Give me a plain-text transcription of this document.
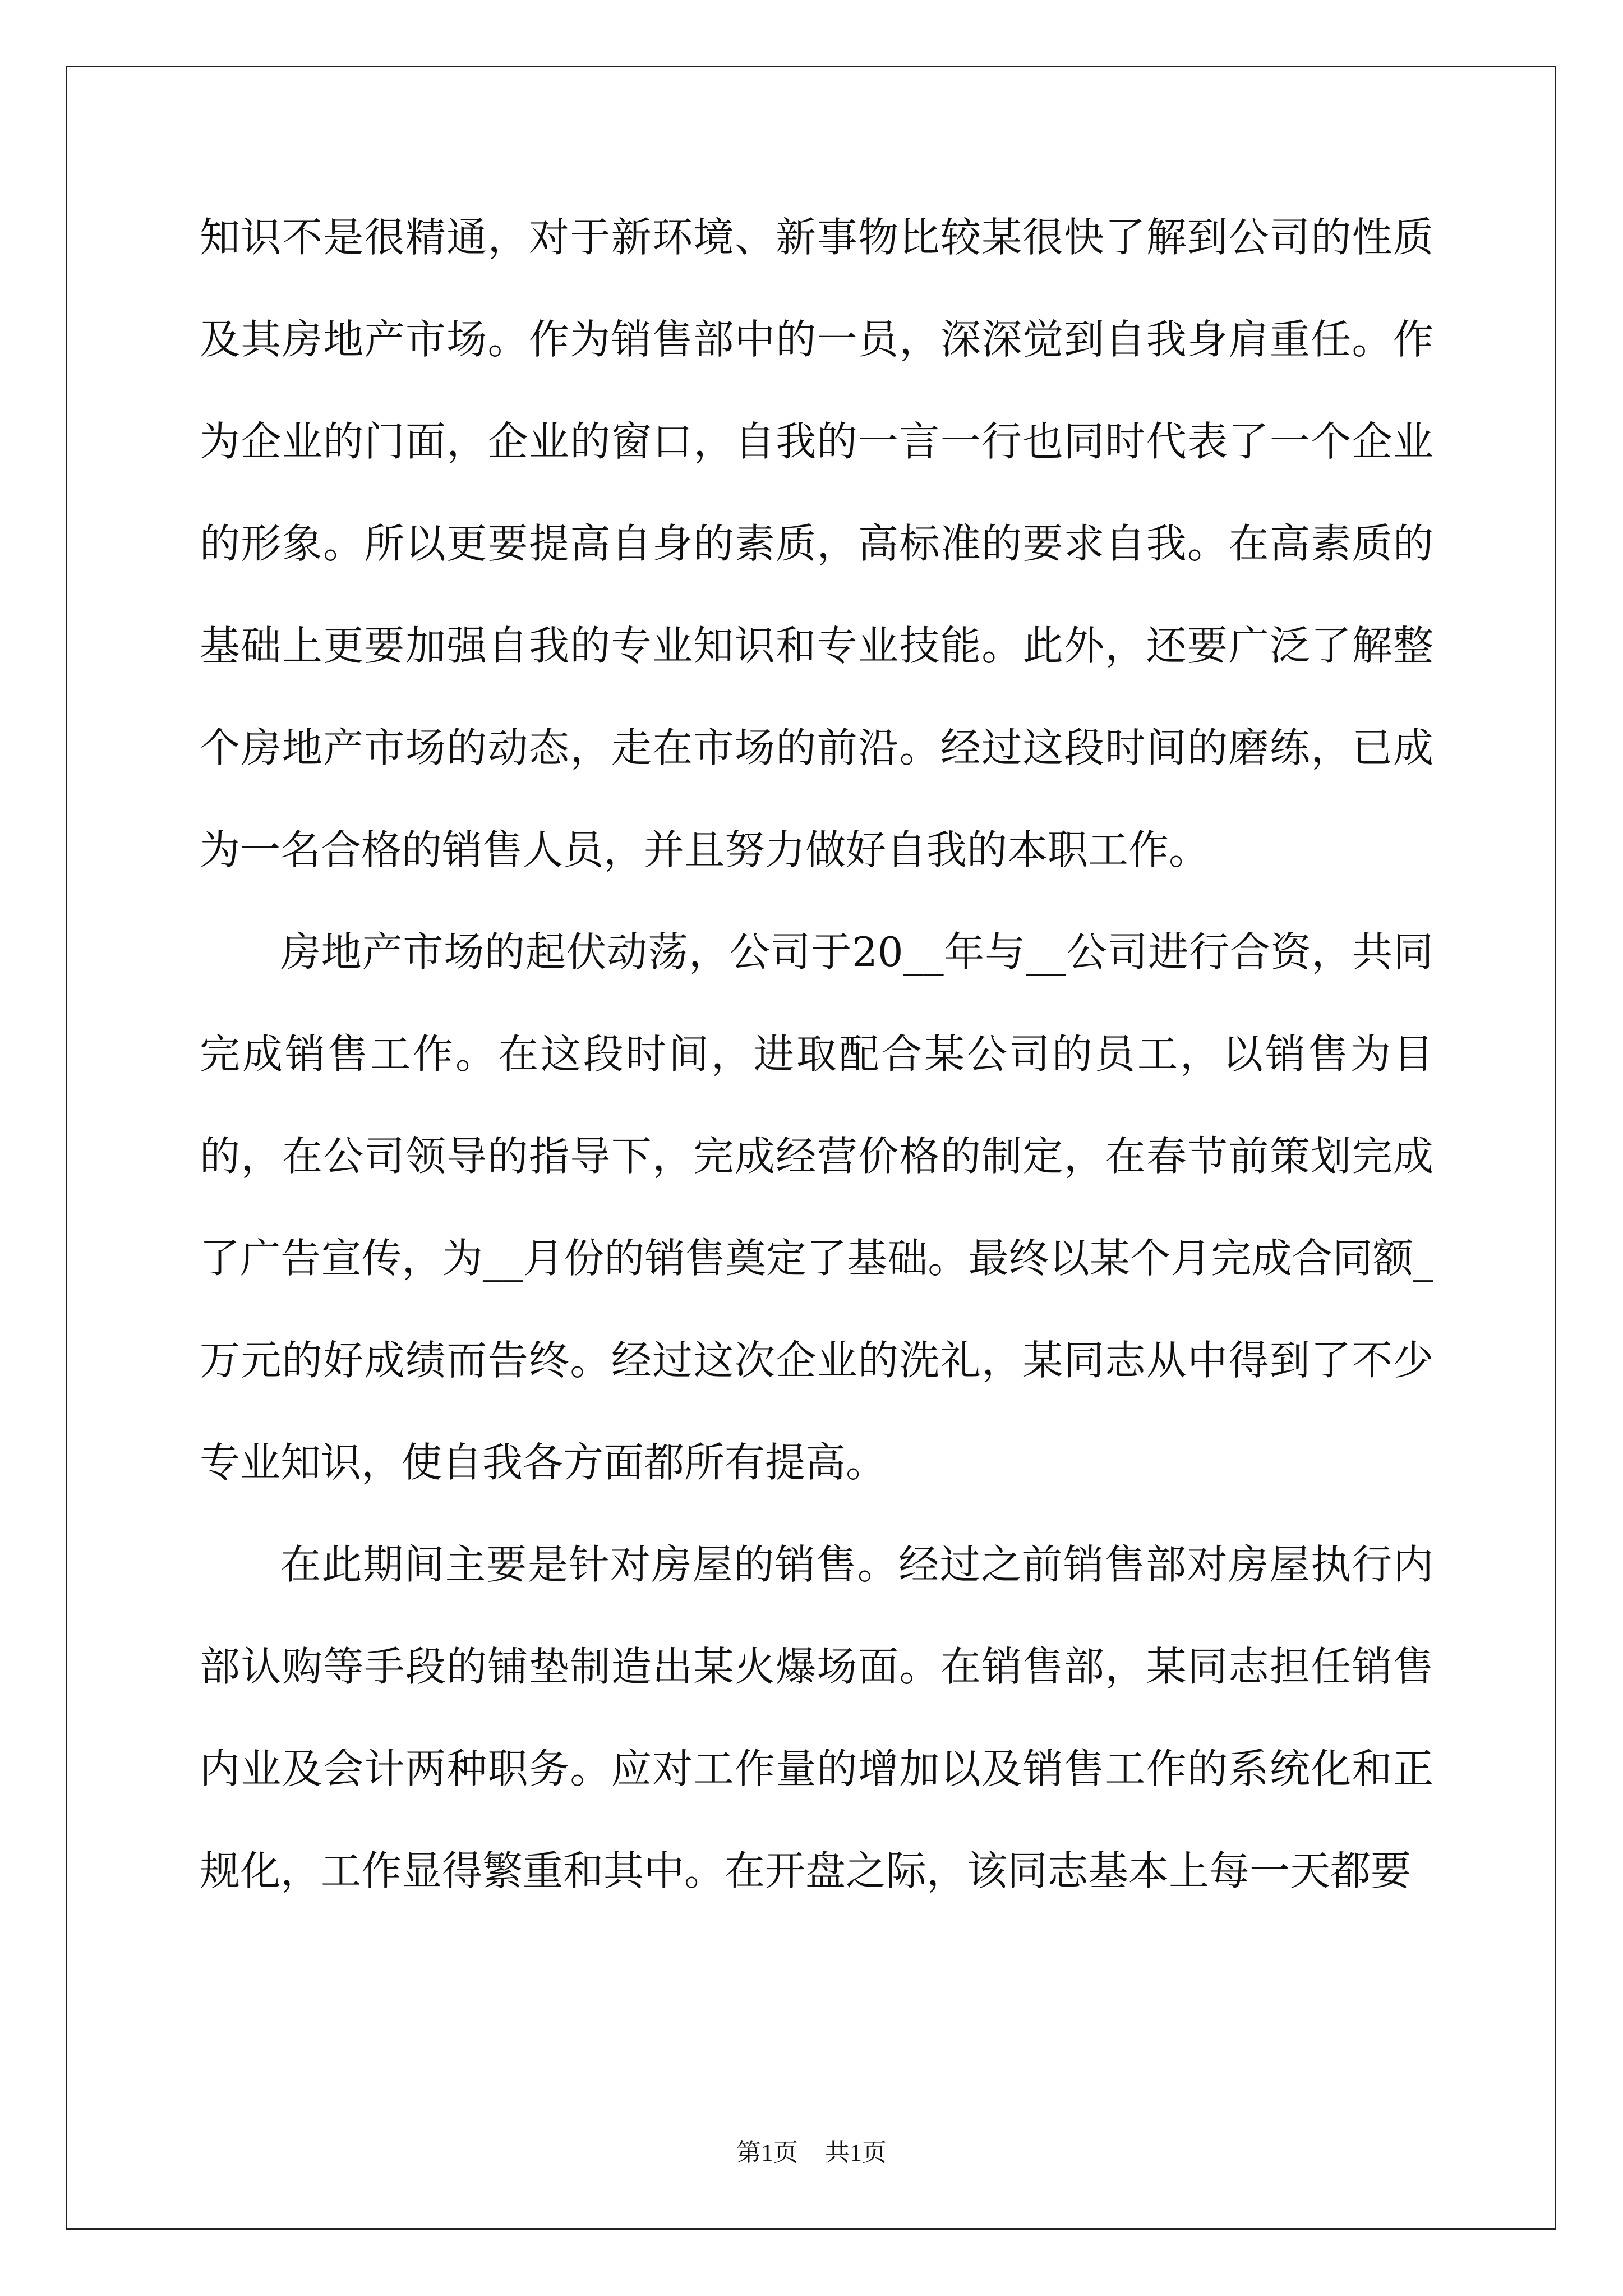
知识不是很精通，对于新环境、新事物比较某很快了解到公司的性质及其房地产市场。作为销售部中的一员，深深觉到自我身肩重任。作为企业的门面，企业的窗口，自我的一言一行也同时代表了一个企业的形象。所以更要提高自身的素质，高标准的要求自我。在高素质的基础上更要加强自我的专业知识和专业技能。此外，还要广泛了解整个房地产市场的动态，走在市场的前沿。经过这段时间的磨练，已成为一名合格的销售人员，并且努力做好自我的本职工作。

房地产市场的起伏动荡，公司于20__年与__公司进行合资，共同完成销售工作。在这段时间，进取配合某公司的员工，以销售为目的，在公司领导的指导下，完成经营价格的制定，在春节前策划完成了广告宣传，为__月份的销售奠定了基础。最终以某个月完成合同额_万元的好成绩而告终。经过这次企业的洗礼，某同志从中得到了不少专业知识，使自我各方面都所有提高。

在此期间主要是针对房屋的销售。经过之前销售部对房屋执行内部认购等手段的铺垫制造出某火爆场面。在销售部，某同志担任销售内业及会计两种职务。应对工作量的增加以及销售工作的系统化和正规化，工作显得繁重和其中。在开盘之际，该同志基本上每一天都要

第1页 共1页
